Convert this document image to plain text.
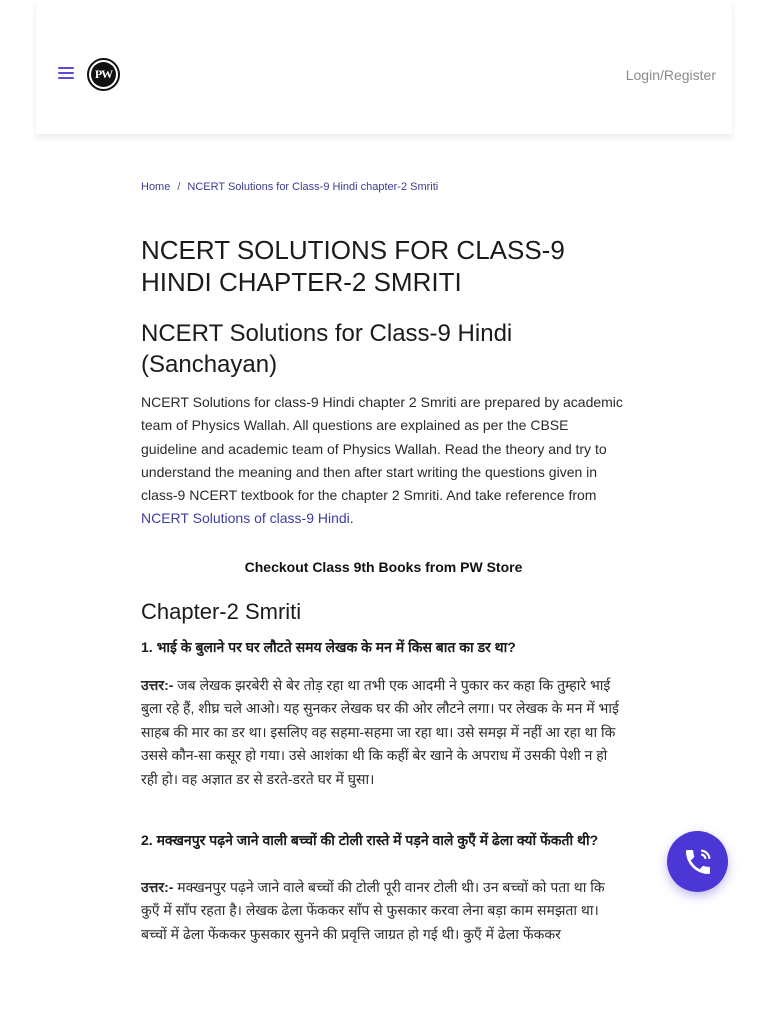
PW	Login/Register
Home / NCERT Solutions for Class-9 Hindi chapter-2 Smriti
NCERT SOLUTIONS FOR CLASS-9 HINDI CHAPTER-2 SMRITI
NCERT Solutions for Class-9 Hindi (Sanchayan)

NCERT Solutions for class-9 Hindi chapter 2 Smriti are prepared by academic team of Physics Wallah. All questions are explained as per the CBSE guideline and academic team of Physics Wallah. Read the theory and try to understand the meaning and then after start writing the questions given in class-9 NCERT textbook for the chapter 2 Smriti. And take reference from NCERT Solutions of class-9 Hindi.

Checkout Class 9th Books from PW Store
Chapter-2 Smriti

1. भाई के बुलाने पर घर लौटते समय लेखक के मन में किस बात का डर था?

उत्तर:- जब लेखक झरबेरी से बेर तोड़ रहा था तभी एक आदमी ने पुकार कर कहा कि तुम्हारे भाई बुला रहे हैं, शीघ्र चले आओ। यह सुनकर लेखक घर की ओर लौटने लगा। पर लेखक के मन में भाई साहब की मार का डर था। इसलिए वह सहमा-सहमा जा रहा था। उसे समझ में नहीं आ रहा था कि उससे कौन-सा कसूर हो गया। उसे आशंका थी कि कहीं बेर खाने के अपराध में उसकी पेशी न हो रही हो। वह अज्ञात डर से डरते-डरते घर में घुसा।

2. मक्खनपुर पढ़ने जाने वाली बच्चों की टोली रास्ते में पड़ने वाले कुएँ में ढेला क्यों फेंकती थी?

उत्तर:- मक्खनपुर पढ़ने जाने वाले बच्चों की टोली पूरी वानर टोली थी। उन बच्चों को पता था कि कुएँ में साँप रहता है। लेखक ढेला फेंककर साँप से फुसकार करवा लेना बड़ा काम समझता था। बच्चों में ढेला फेंककर फुसकार सुनने की प्रवृत्ति जाग्रत हो गई थी। कुएँ में ढेला फेंककर
